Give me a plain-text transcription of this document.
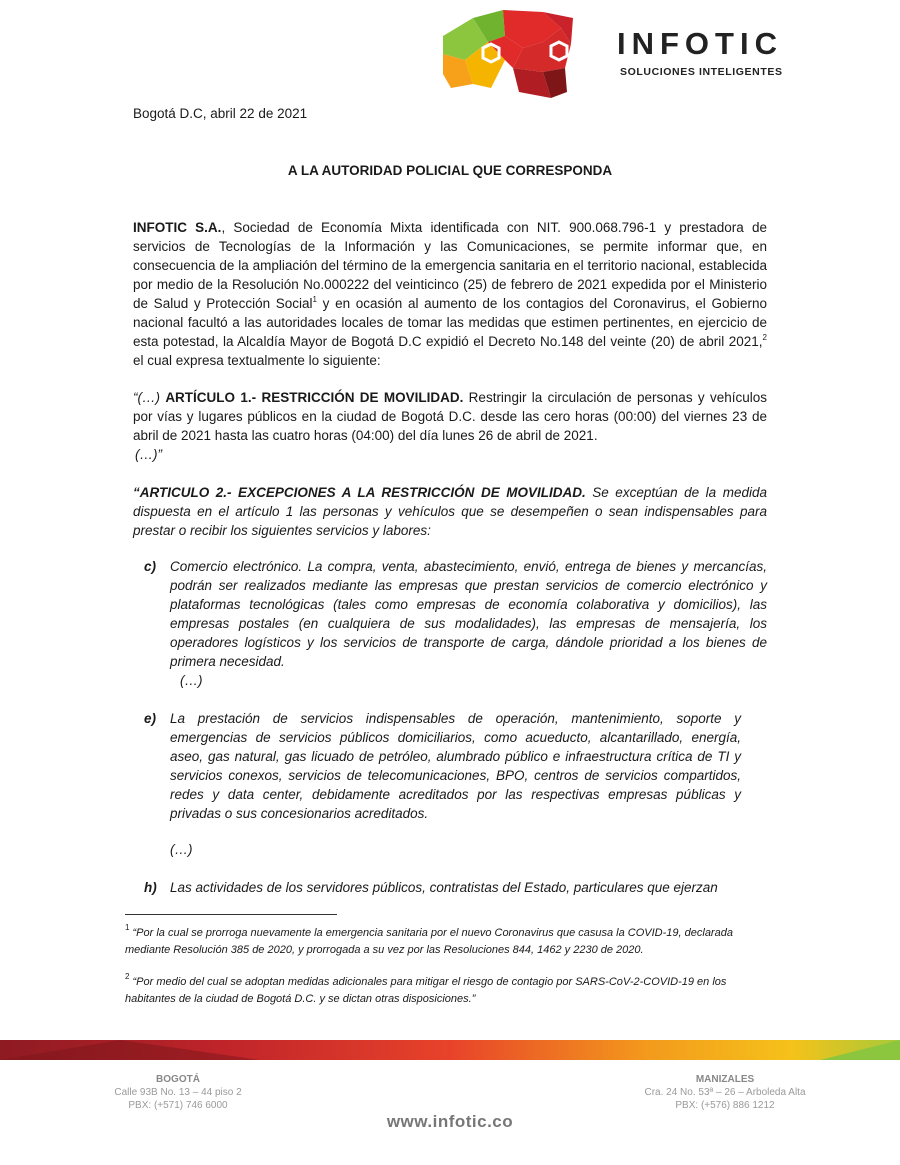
INFOTIC
SOLUCIONES INTELIGENTES
Bogotá D.C, abril 22 de 2021
A LA AUTORIDAD POLICIAL QUE CORRESPONDA
INFOTIC S.A., Sociedad de Economía Mixta identificada con NIT. 900.068.796-1 y prestadora de servicios de Tecnologías de la Información y las Comunicaciones, se permite informar que, en consecuencia de la ampliación del término de la emergencia sanitaria en el territorio nacional, establecida por medio de la Resolución No.000222 del veinticinco (25) de febrero de 2021 expedida por el Ministerio de Salud y Protección Social$^1$ y en ocasión al aumento de los contagios del Coronavirus, el Gobierno nacional facultó a las autoridades locales de tomar las medidas que estimen pertinentes, en ejercicio de esta potestad, la Alcaldía Mayor de Bogotá D.C expidió el Decreto No.148 del veinte (20) de abril 2021,$^2$ el cual expresa textualmente lo siguiente:
“(…) ARTÍCULO 1.- RESTRICCIÓN DE MOVILIDAD. Restringir la circulación de personas y vehículos por vías y lugares públicos en la ciudad de Bogotá D.C. desde las cero horas (00:00) del viernes 23 de abril de 2021 hasta las cuatro horas (04:00) del día lunes 26 de abril de 2021.
(…)”
“ARTICULO 2.- EXCEPCIONES A LA RESTRICCIÓN DE MOVILIDAD. Se exceptúan de la medida dispuesta en el artículo 1 las personas y vehículos que se desempeñen o sean indispensables para prestar o recibir los siguientes servicios y labores:
c) Comercio electrónico. La compra, venta, abastecimiento, envió, entrega de bienes y mercancías, podrán ser realizados mediante las empresas que prestan servicios de comercio electrónico y plataformas tecnológicas (tales como empresas de economía colaborativa y domicilios), las empresas postales (en cualquiera de sus modalidades), las empresas de mensajería, los operadores logísticos y los servicios de transporte de carga, dándole prioridad a los bienes de primera necesidad.
(…)
e) La prestación de servicios indispensables de operación, mantenimiento, soporte y emergencias de servicios públicos domiciliarios, como acueducto, alcantarillado, energía, aseo, gas natural, gas licuado de petróleo, alumbrado público e infraestructura crítica de TI y servicios conexos, servicios de telecomunicaciones, BPO, centros de servicios compartidos, redes y data center, debidamente acreditados por las respectivas empresas públicas y privadas o sus concesionarios acreditados.
(…)
h) Las actividades de los servidores públicos, contratistas del Estado, particulares que ejerzan
$^1$ “Por la cual se prorroga nuevamente la emergencia sanitaria por el nuevo Coronavirus que casusa la COVID-19, declarada mediante Resolución 385 de 2020, y prorrogada a su vez por las Resoluciones 844, 1462 y 2230 de 2020.
$^2$ “Por medio del cual se adoptan medidas adicionales para mitigar el riesgo de contagio por SARS-CoV-2-COVID-19 en los habitantes de la ciudad de Bogotá D.C. y se dictan otras disposiciones.”
BOGOTÁ
Calle 93B No. 13 – 44 piso 2
PBX: (+571) 746 6000
MANIZALES
Cra. 24 No. 53ª – 26 – Arboleda Alta
PBX: (+576) 886 1212
www.infotic.co
